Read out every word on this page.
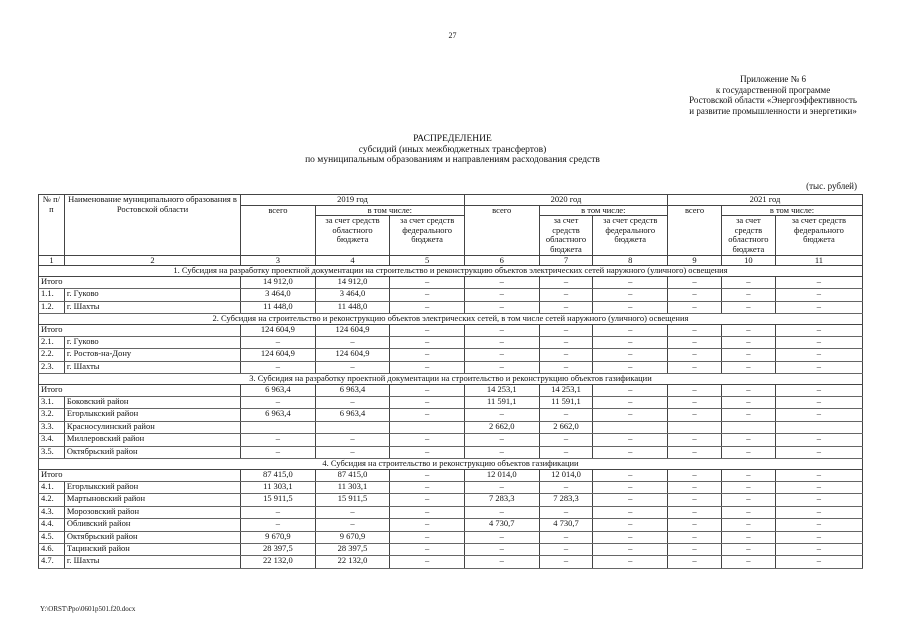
27
Приложение № 6
к государственной программе
Ростовской области «Энергоэффективность
и развитие промышленности и энергетики»
РАСПРЕДЕЛЕНИЕ
субсидий (иных межбюджетных трансфертов)
по муниципальным образованиям и направлениям расходования средств
(тыс. рублей)
№ п/п	Наименование муниципального образования в Ростовской области	2019 год			2020 год			2021 год		
		всего	в том числе:		всего	в том числе:		всего	в том числе:	
			за счет средств областного бюджета	за счет средств федерального бюджета		за счет средств областного бюджета	за счет средств федерального бюджета		за счет средств областного бюджета	за счет средств федерального бюджета
1	2	3	4	5	6	7	8	9	10	11
1. Субсидия на разработку проектной документации на строительство и реконструкцию объектов электрических сетей наружного (уличного) освещения										
Итого		14 912,0	14 912,0	–	–	–	–	–	–	–
1.1.	г. Гуково	3 464,0	3 464,0	–	–	–	–	–	–	–
1.2.	г. Шахты	11 448,0	11 448,0	–	–	–	–	–	–	–
2. Субсидия на строительство и реконструкцию объектов электрических сетей, в том числе сетей наружного (уличного) освещения										
Итого		124 604,9	124 604,9	–	–	–	–	–	–	–
2.1.	г. Гуково	–	–	–	–	–	–	–	–	–
2.2.	г. Ростов-на-Дону	124 604,9	124 604,9	–	–	–	–	–	–	–
2.3.	г. Шахты	–	–	–	–	–	–	–	–	–
3. Субсидия на разработку проектной документации на строительство и реконструкцию объектов газификации										
Итого		6 963,4	6 963,4	–	14 253,1	14 253,1	–	–	–	–
3.1.	Боковский район	–	–	–	11 591,1	11 591,1	–	–	–	–
3.2.	Егорлыкский район	6 963,4	6 963,4	–	–	–	–	–	–	–
3.3.	Красносулинский район				2 662,0	2 662,0				
3.4.	Миллеровский район	–	–	–	–	–	–	–	–	–
3.5.	Октябрьский район	–	–	–	–	–	–	–	–	–
4. Субсидия на строительство и реконструкцию объектов газификации										
Итого		87 415,0	87 415,0	–	12 014,0	12 014,0	–	–	–	–
4.1.	Егорлыкский район	11 303,1	11 303,1	–	–	–	–	–	–	–
4.2.	Мартыновский район	15 911,5	15 911,5	–	7 283,3	7 283,3	–	–	–	–
4.3.	Морозовский район	–	–	–	–	–	–	–	–	–
4.4.	Обливский район	–	–	–	4 730,7	4 730,7	–	–	–	–
4.5.	Октябрьский район	9 670,9	9 670,9	–	–	–	–	–	–	–
4.6.	Тацинский район	28 397,5	28 397,5	–	–	–	–	–	–	–
4.7.	г. Шахты	22 132,0	22 132,0	–	–	–	–	–	–	–
Y:\ORST\Ppo\0601p501.f20.docx
